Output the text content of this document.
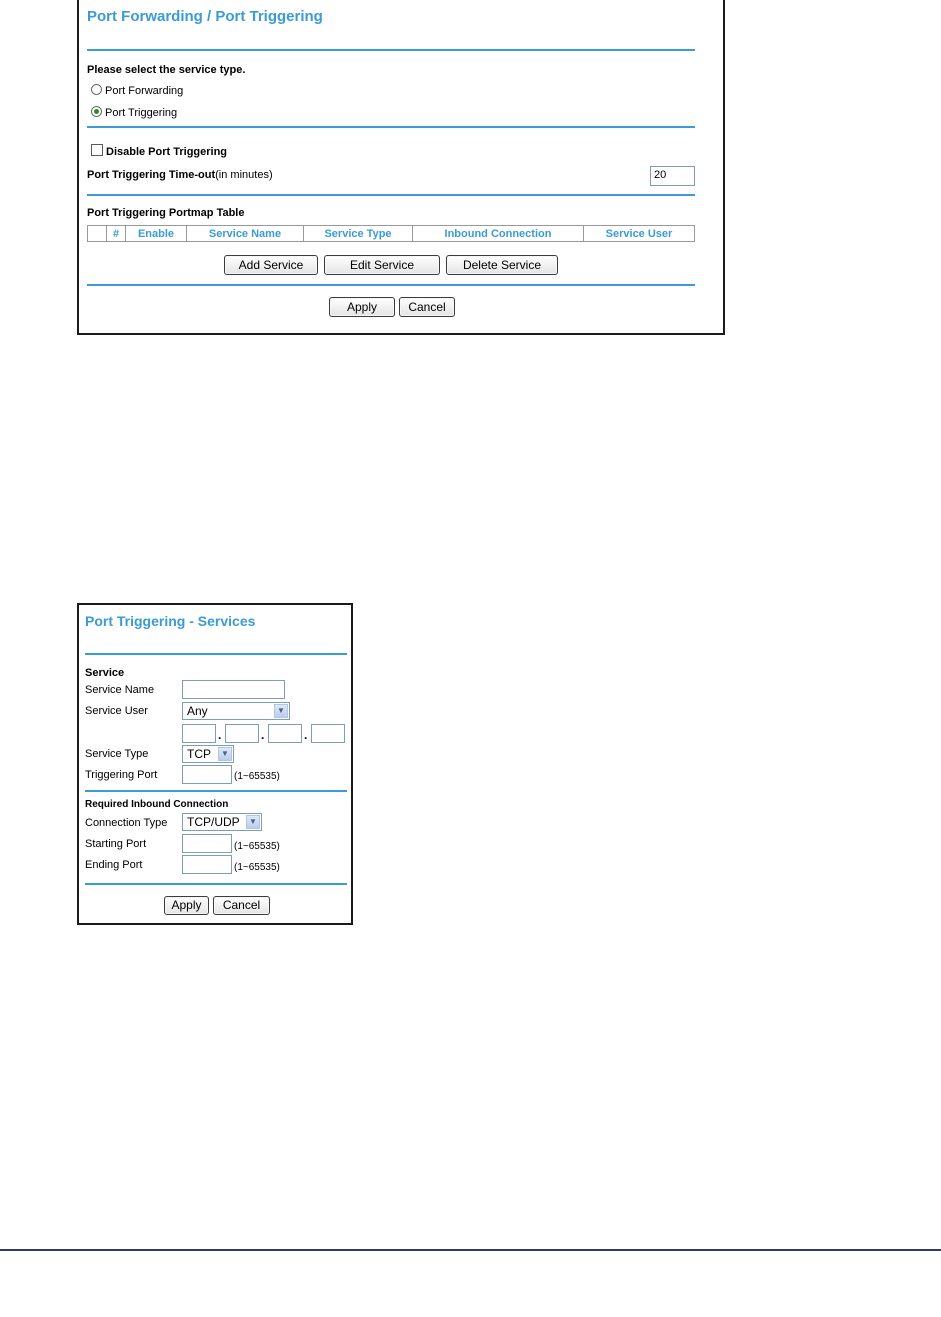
Port Forwarding / Port Triggering
Please select the service type.
Port Forwarding
Port Triggering
Disable Port Triggering
Port Triggering Time-out(in minutes)	20
Port Triggering Portmap Table
	#	Enable	Service Name	Service Type	Inbound Connection	Service User
Add Service	Edit Service	Delete Service
Apply	Cancel
Port Triggering - Services
Service
Service Name
Service User	Any	▼
.	.	.
Service Type	TCP	▼
Triggering Port	(1~65535)
Required Inbound Connection
Connection Type	TCP/UDP	▼
Starting Port	(1~65535)
Ending Port	(1~65535)
Apply	Cancel
